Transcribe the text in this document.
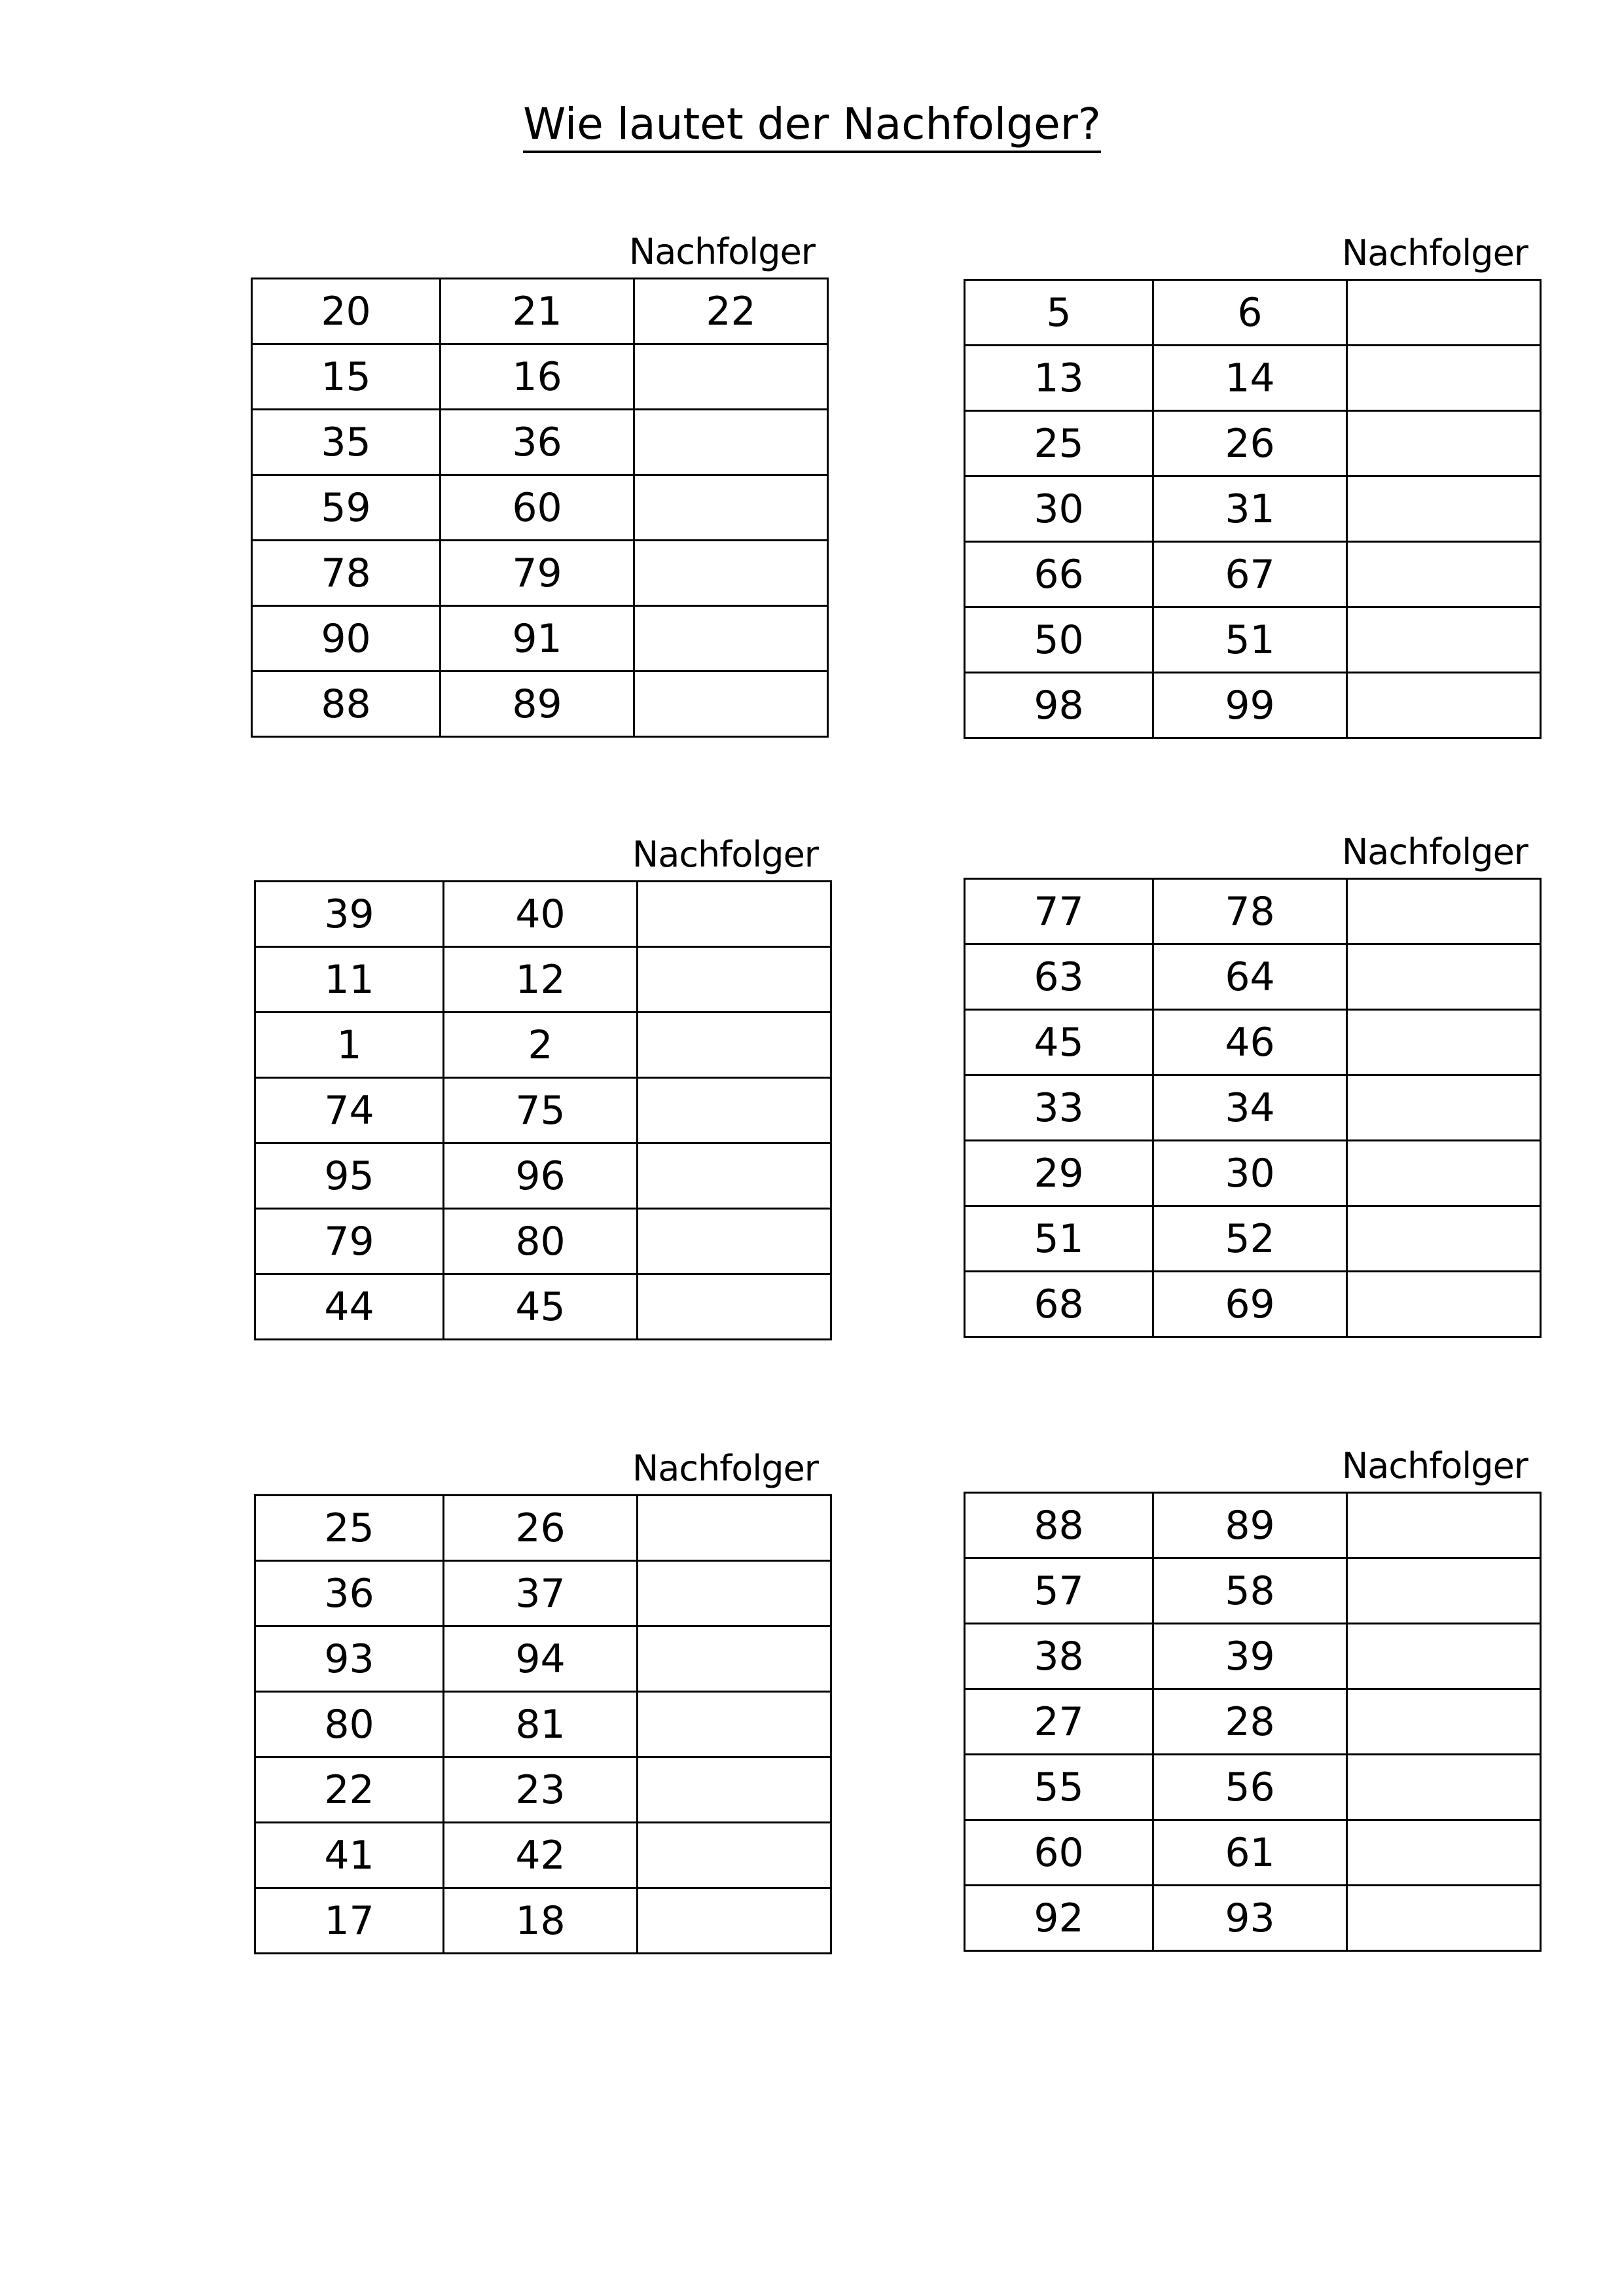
Wie lautet der Nachfolger?
Nachfolger
20	21	22
15	16	
35	36	
59	60	
78	79	
90	91	
88	89	
Nachfolger
5	6	
13	14	
25	26	
30	31	
66	67	
50	51	
98	99	
Nachfolger
39	40	
11	12	
1	2	
74	75	
95	96	
79	80	
44	45	
Nachfolger
77	78	
63	64	
45	46	
33	34	
29	30	
51	52	
68	69	
Nachfolger
25	26	
36	37	
93	94	
80	81	
22	23	
41	42	
17	18	
Nachfolger
88	89	
57	58	
38	39	
27	28	
55	56	
60	61	
92	93	
